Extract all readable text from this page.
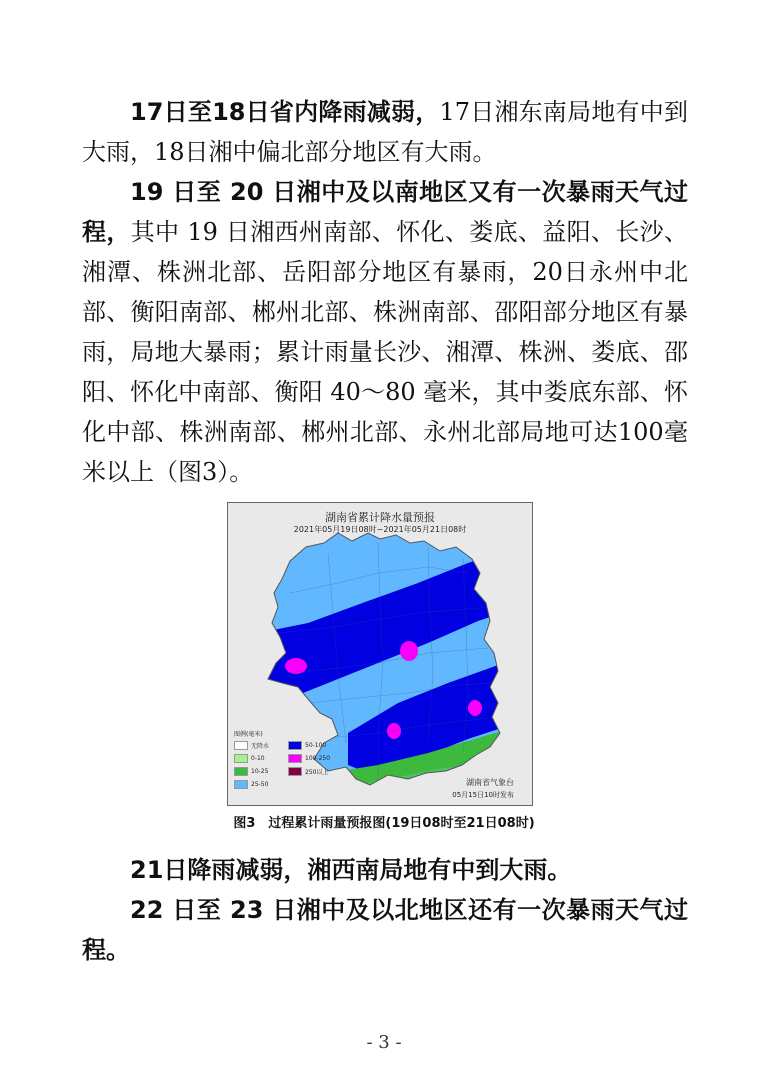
17日至18日省内降雨减弱，17日湘东南局地有中到大雨，18日湘中偏北部分地区有大雨。

19 日至 20 日湘中及以南地区又有一次暴雨天气过程，其中 19 日湘西州南部、怀化、娄底、益阳、长沙、湘潭、株洲北部、岳阳部分地区有暴雨，20日永州中北部、衡阳南部、郴州北部、株洲南部、邵阳部分地区有暴雨，局地大暴雨；累计雨量长沙、湘潭、株洲、娄底、邵阳、怀化中南部、衡阳 40～80 毫米，其中娄底东部、怀化中部、株洲南部、郴州北部、永州北部局地可达100毫米以上（图3）。

湖南省累计降水量预报
2021年05月19日08时~2021年05月21日08时
图例(毫米)
无降水	50-100
0-10	100-250
10-25	250以上
25-50	湖南省气象台
05月15日10时发布
图3　过程累计雨量预报图(19日08时至21日08时)

21日降雨减弱，湘西南局地有中到大雨。

22 日至 23 日湘中及以北地区还有一次暴雨天气过程。

- 3 -
